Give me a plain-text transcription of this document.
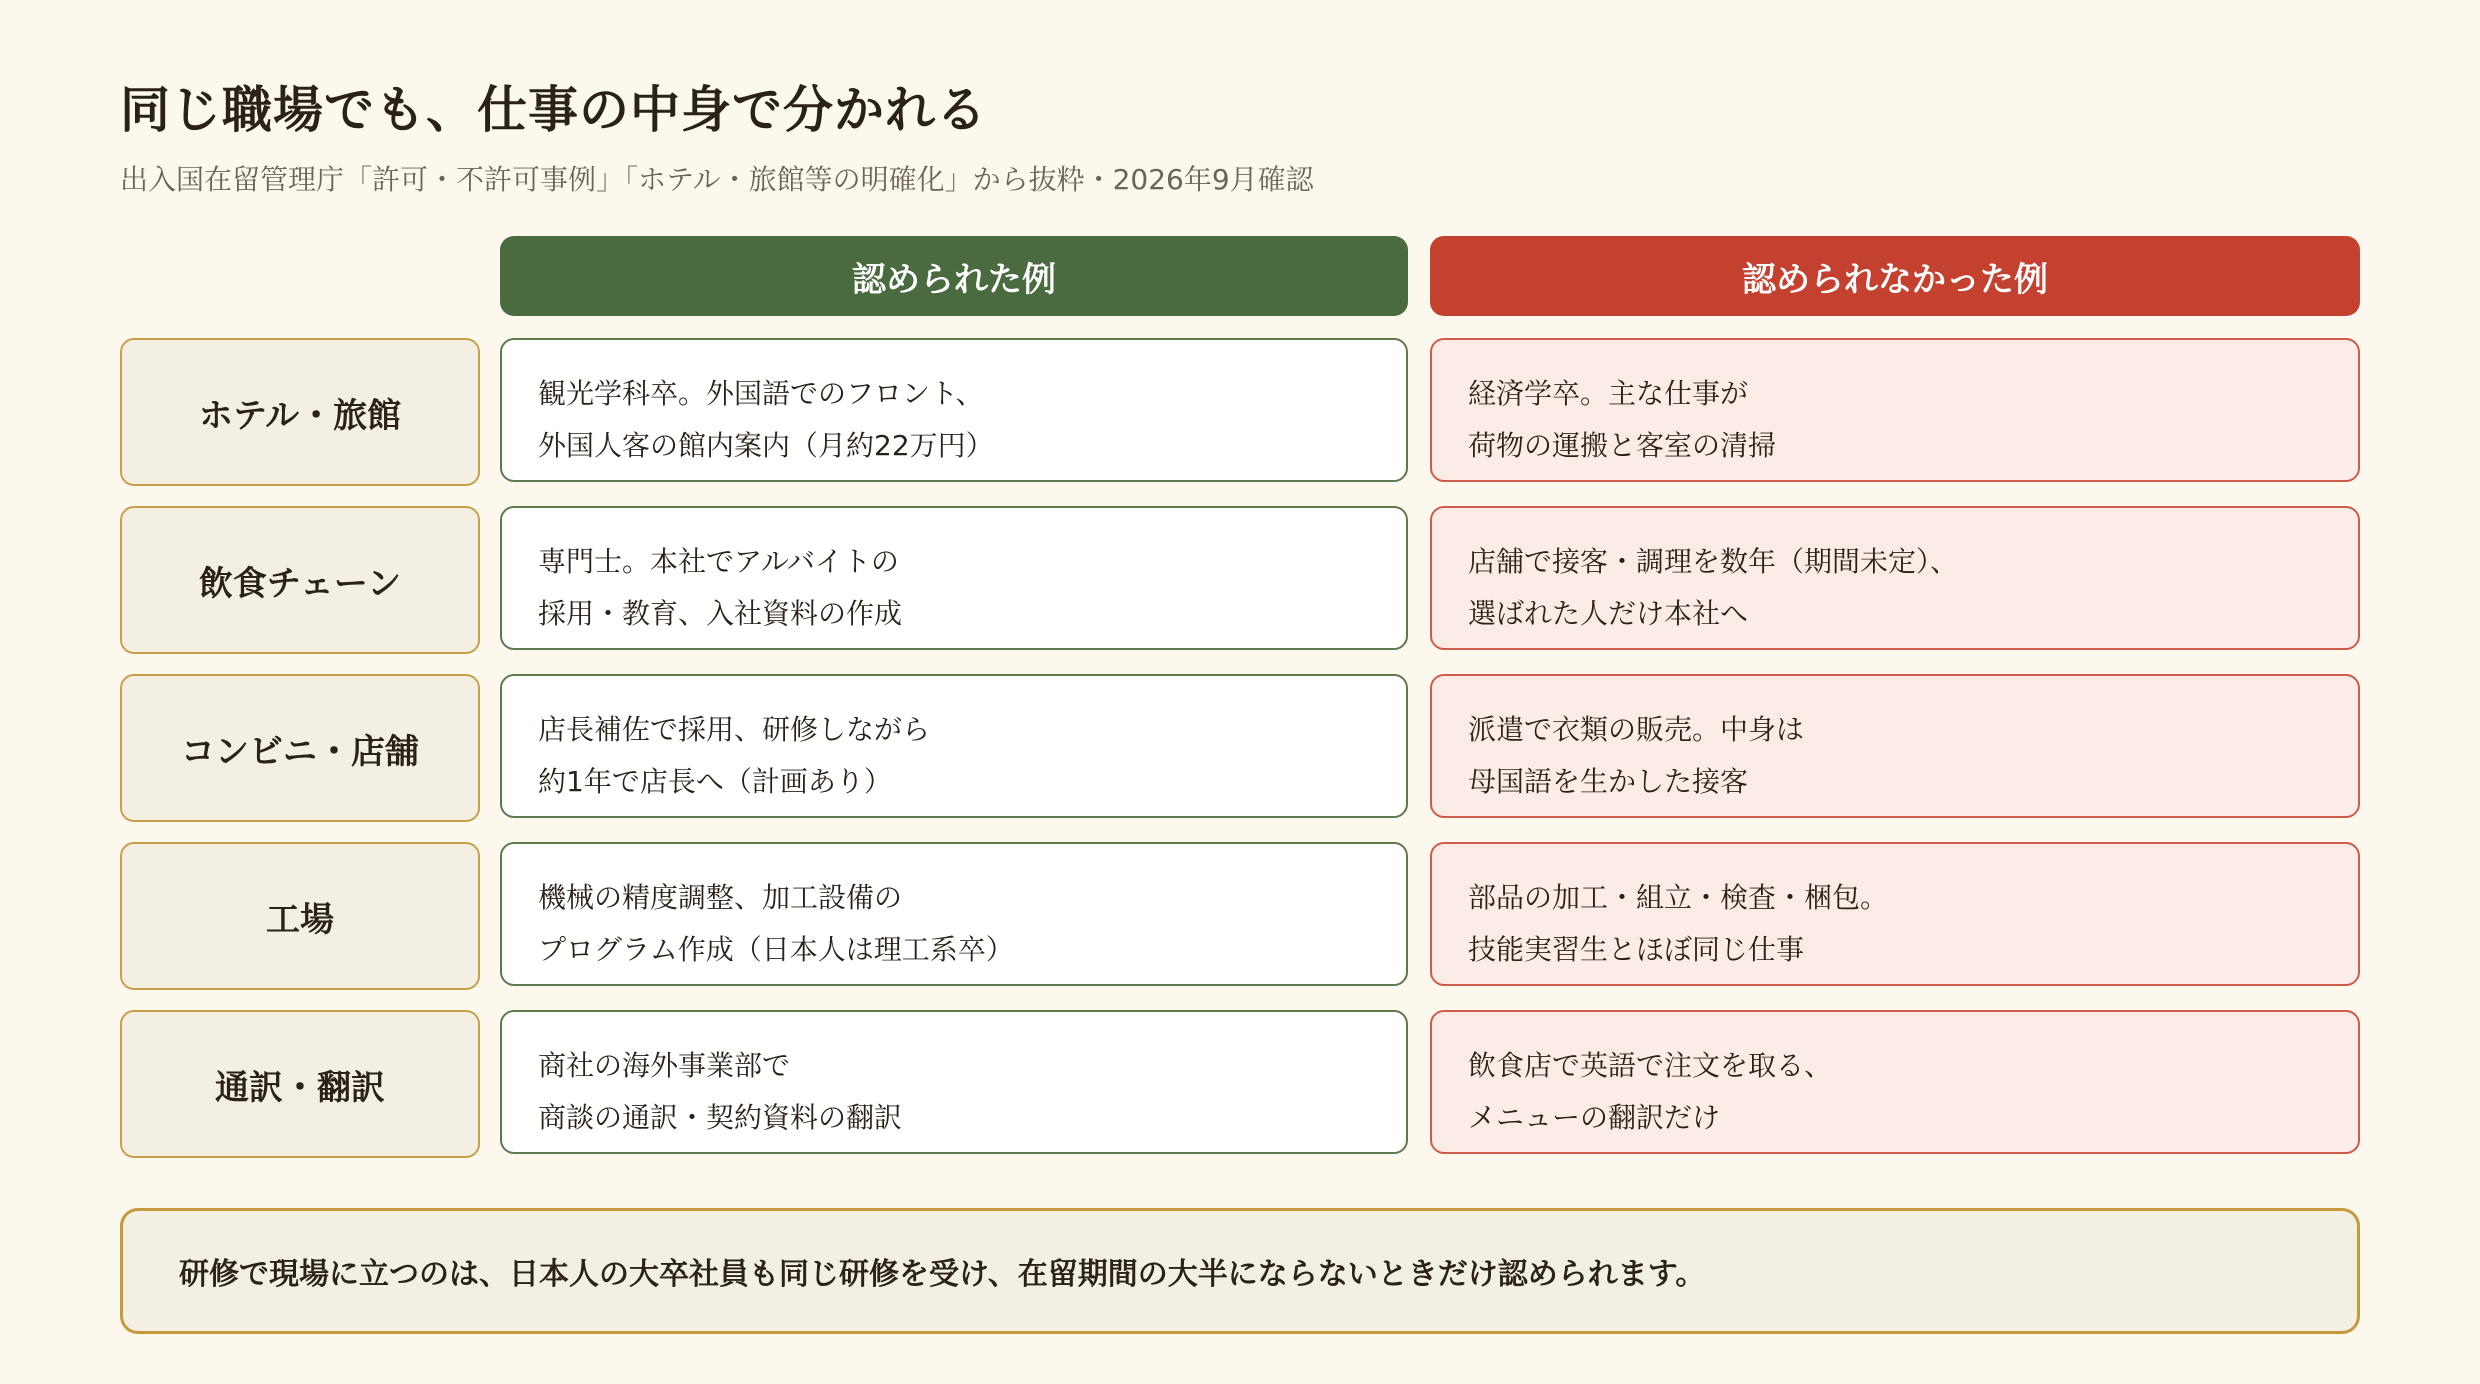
同じ職場でも、仕事の中身で分かれる
出入国在留管理庁「許可・不許可事例」「ホテル・旅館等の明確化」から抜粋・2026年9月確認
認められた例	認められなかった例
ホテル・旅館
観光学科卒。外国語でのフロント、
外国人客の館内案内（月約22万円）
経済学卒。主な仕事が
荷物の運搬と客室の清掃
飲食チェーン
専門士。本社でアルバイトの
採用・教育、入社資料の作成
店舗で接客・調理を数年（期間未定）、
選ばれた人だけ本社へ
コンビニ・店舗
店長補佐で採用、研修しながら
約1年で店長へ（計画あり）
派遣で衣類の販売。中身は
母国語を生かした接客
工場
機械の精度調整、加工設備の
プログラム作成（日本人は理工系卒）
部品の加工・組立・検査・梱包。
技能実習生とほぼ同じ仕事
通訳・翻訳
商社の海外事業部で
商談の通訳・契約資料の翻訳
飲食店で英語で注文を取る、
メニューの翻訳だけ
研修で現場に立つのは、日本人の大卒社員も同じ研修を受け、在留期間の大半にならないときだけ認められます。
